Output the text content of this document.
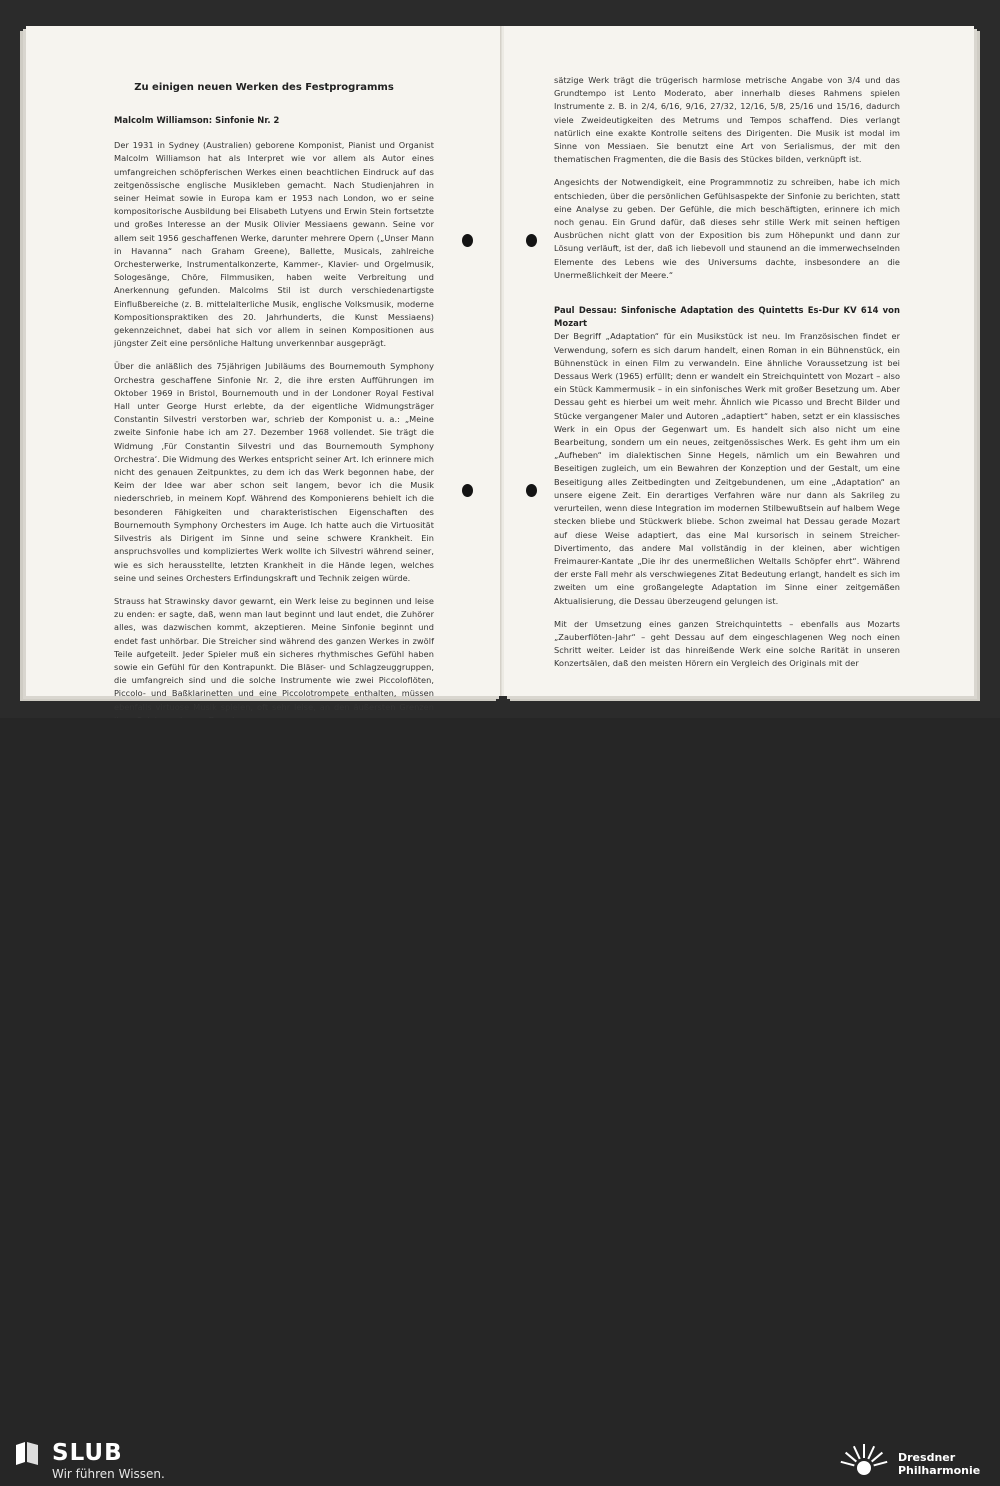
Zu einigen neuen Werken des Festprogramms

Malcolm Williamson: Sinfonie Nr. 2

Der 1931 in Sydney (Australien) geborene Komponist, Pianist und Organist Malcolm Williamson hat als Interpret wie vor allem als Autor eines umfangreichen schöpferischen Werkes einen beachtlichen Eindruck auf das zeitgenössische englische Musikleben gemacht. Nach Studienjahren in seiner Heimat sowie in Europa kam er 1953 nach London, wo er seine kompositorische Ausbildung bei Elisabeth Lutyens und Erwin Stein fortsetzte und großes Interesse an der Musik Olivier Messiaens gewann. Seine vor allem seit 1956 geschaffenen Werke, darunter mehrere Opern („Unser Mann in Havanna“ nach Graham Greene), Ballette, Musicals, zahlreiche Orchesterwerke, Instrumentalkonzerte, Kammer-, Klavier- und Orgelmusik, Sologesänge, Chöre, Filmmusiken, haben weite Verbreitung und Anerkennung gefunden. Malcolms Stil ist durch verschiedenartigste Einflußbereiche (z. B. mittelalterliche Musik, englische Volksmusik, moderne Kompositionspraktiken des 20. Jahrhunderts, die Kunst Messiaens) gekennzeichnet, dabei hat sich vor allem in seinen Kompositionen aus jüngster Zeit eine persönliche Haltung unverkennbar ausgeprägt.

Über die anläßlich des 75jährigen Jubiläums des Bournemouth Symphony Orchestra geschaffene Sinfonie Nr. 2, die ihre ersten Aufführungen im Oktober 1969 in Bristol, Bournemouth und in der Londoner Royal Festival Hall unter George Hurst erlebte, da der eigentliche Widmungsträger Constantin Silvestri verstorben war, schrieb der Komponist u. a.: „Meine zweite Sinfonie habe ich am 27. Dezember 1968 vollendet. Sie trägt die Widmung ‚Für Constantin Silvestri und das Bournemouth Symphony Orchestra‘. Die Widmung des Werkes entspricht seiner Art. Ich erinnere mich nicht des genauen Zeitpunktes, zu dem ich das Werk begonnen habe, der Keim der Idee war aber schon seit langem, bevor ich die Musik niederschrieb, in meinem Kopf. Während des Komponierens behielt ich die besonderen Fähigkeiten und charakteristischen Eigenschaften des Bournemouth Symphony Orchesters im Auge. Ich hatte auch die Virtuosität Silvestris als Dirigent im Sinne und seine schwere Krankheit. Ein anspruchsvolles und kompliziertes Werk wollte ich Silvestri während seiner, wie es sich herausstellte, letzten Krankheit in die Hände legen, welches seine und seines Orchesters Erfindungskraft und Technik zeigen würde.

Strauss hat Strawinsky davor gewarnt, ein Werk leise zu beginnen und leise zu enden: er sagte, daß, wenn man laut beginnt und laut endet, die Zuhörer alles, was dazwischen kommt, akzeptieren. Meine Sinfonie beginnt und endet fast unhörbar. Die Streicher sind während des ganzen Werkes in zwölf Teile aufgeteilt. Jeder Spieler muß ein sicheres rhythmisches Gefühl haben sowie ein Gefühl für den Kontrapunkt. Die Bläser- und Schlagzeuggruppen, die umfangreich sind und die solche Instrumente wie zwei Piccoloflöten, Piccolo- und Baßklarinetten und eine Piccolotrompete enthalten, müssen ebenfalls virtuose Musik spielen, oft sehr leise, an den äußersten Grenzen

sätzige Werk trägt die trügerisch harmlose metrische Angabe von 3/4 und das Grundtempo ist Lento Moderato, aber innerhalb dieses Rahmens spielen Instrumente z. B. in 2/4, 6/16, 9/16, 27/32, 12/16, 5/8, 25/16 und 15/16, dadurch viele Zweideutigkeiten des Metrums und Tempos schaffend. Dies verlangt natürlich eine exakte Kontrolle seitens des Dirigenten. Die Musik ist modal im Sinne von Messiaen. Sie benutzt eine Art von Serialismus, der mit den thematischen Fragmenten, die die Basis des Stückes bilden, verknüpft ist.

Angesichts der Notwendigkeit, eine Programmnotiz zu schreiben, habe ich mich entschieden, über die persönlichen Gefühlsaspekte der Sinfonie zu berichten, statt eine Analyse zu geben. Der Gefühle, die mich beschäftigten, erinnere ich mich noch genau. Ein Grund dafür, daß dieses sehr stille Werk mit seinen heftigen Ausbrüchen nicht glatt von der Exposition bis zum Höhepunkt und dann zur Lösung verläuft, ist der, daß ich liebevoll und staunend an die immerwechselnden Elemente des Lebens wie des Universums dachte, insbesondere an die Unermeßlichkeit der Meere.“

Paul Dessau: Sinfonische Adaptation des Quintetts Es-Dur KV 614 von Mozart

Der Begriff „Adaptation“ für ein Musikstück ist neu. Im Französischen findet er Verwendung, sofern es sich darum handelt, einen Roman in ein Bühnenstück, ein Bühnenstück in einen Film zu verwandeln. Eine ähnliche Voraussetzung ist bei Dessaus Werk (1965) erfüllt; denn er wandelt ein Streichquintett von Mozart – also ein Stück Kammermusik – in ein sinfonisches Werk mit großer Besetzung um. Aber Dessau geht es hierbei um weit mehr. Ähnlich wie Picasso und Brecht Bilder und Stücke vergangener Maler und Autoren „adaptiert“ haben, setzt er ein klassisches Werk in ein Opus der Gegenwart um. Es handelt sich also nicht um eine Bearbeitung, sondern um ein neues, zeitgenössisches Werk. Es geht ihm um ein „Aufheben“ im dialektischen Sinne Hegels, nämlich um ein Bewahren und Beseitigen zugleich, um ein Bewahren der Konzeption und der Gestalt, um eine Beseitigung alles Zeitbedingten und Zeitgebundenen, um eine „Adaptation“ an unsere eigene Zeit. Ein derartiges Verfahren wäre nur dann als Sakrileg zu verurteilen, wenn diese Integration im modernen Stilbewußtsein auf halbem Wege stecken bliebe und Stückwerk bliebe. Schon zweimal hat Dessau gerade Mozart auf diese Weise adaptiert, das eine Mal kursorisch in seinem Streicher-Divertimento, das andere Mal vollständig in der kleinen, aber wichtigen Freimaurer-Kantate „Die ihr des unermeßlichen Weltalls Schöpfer ehrt“. Während der erste Fall mehr als verschwiegenes Zitat Bedeutung erlangt, handelt es sich im zweiten um eine großangelegte Adaptation im Sinne einer zeitgemäßen Aktualisierung, die Dessau überzeugend gelungen ist.

Mit der Umsetzung eines ganzen Streichquintetts – ebenfalls aus Mozarts „Zauberflöten-Jahr“ – geht Dessau auf dem eingeschlagenen Weg noch einen Schritt weiter. Leider ist das hinreißende Werk eine solche Rarität in unseren Konzertsälen, daß den meisten Hörern ein Vergleich des Originals mit der

SLUB
Wir führen Wissen.
Dresdner
Philharmonie
